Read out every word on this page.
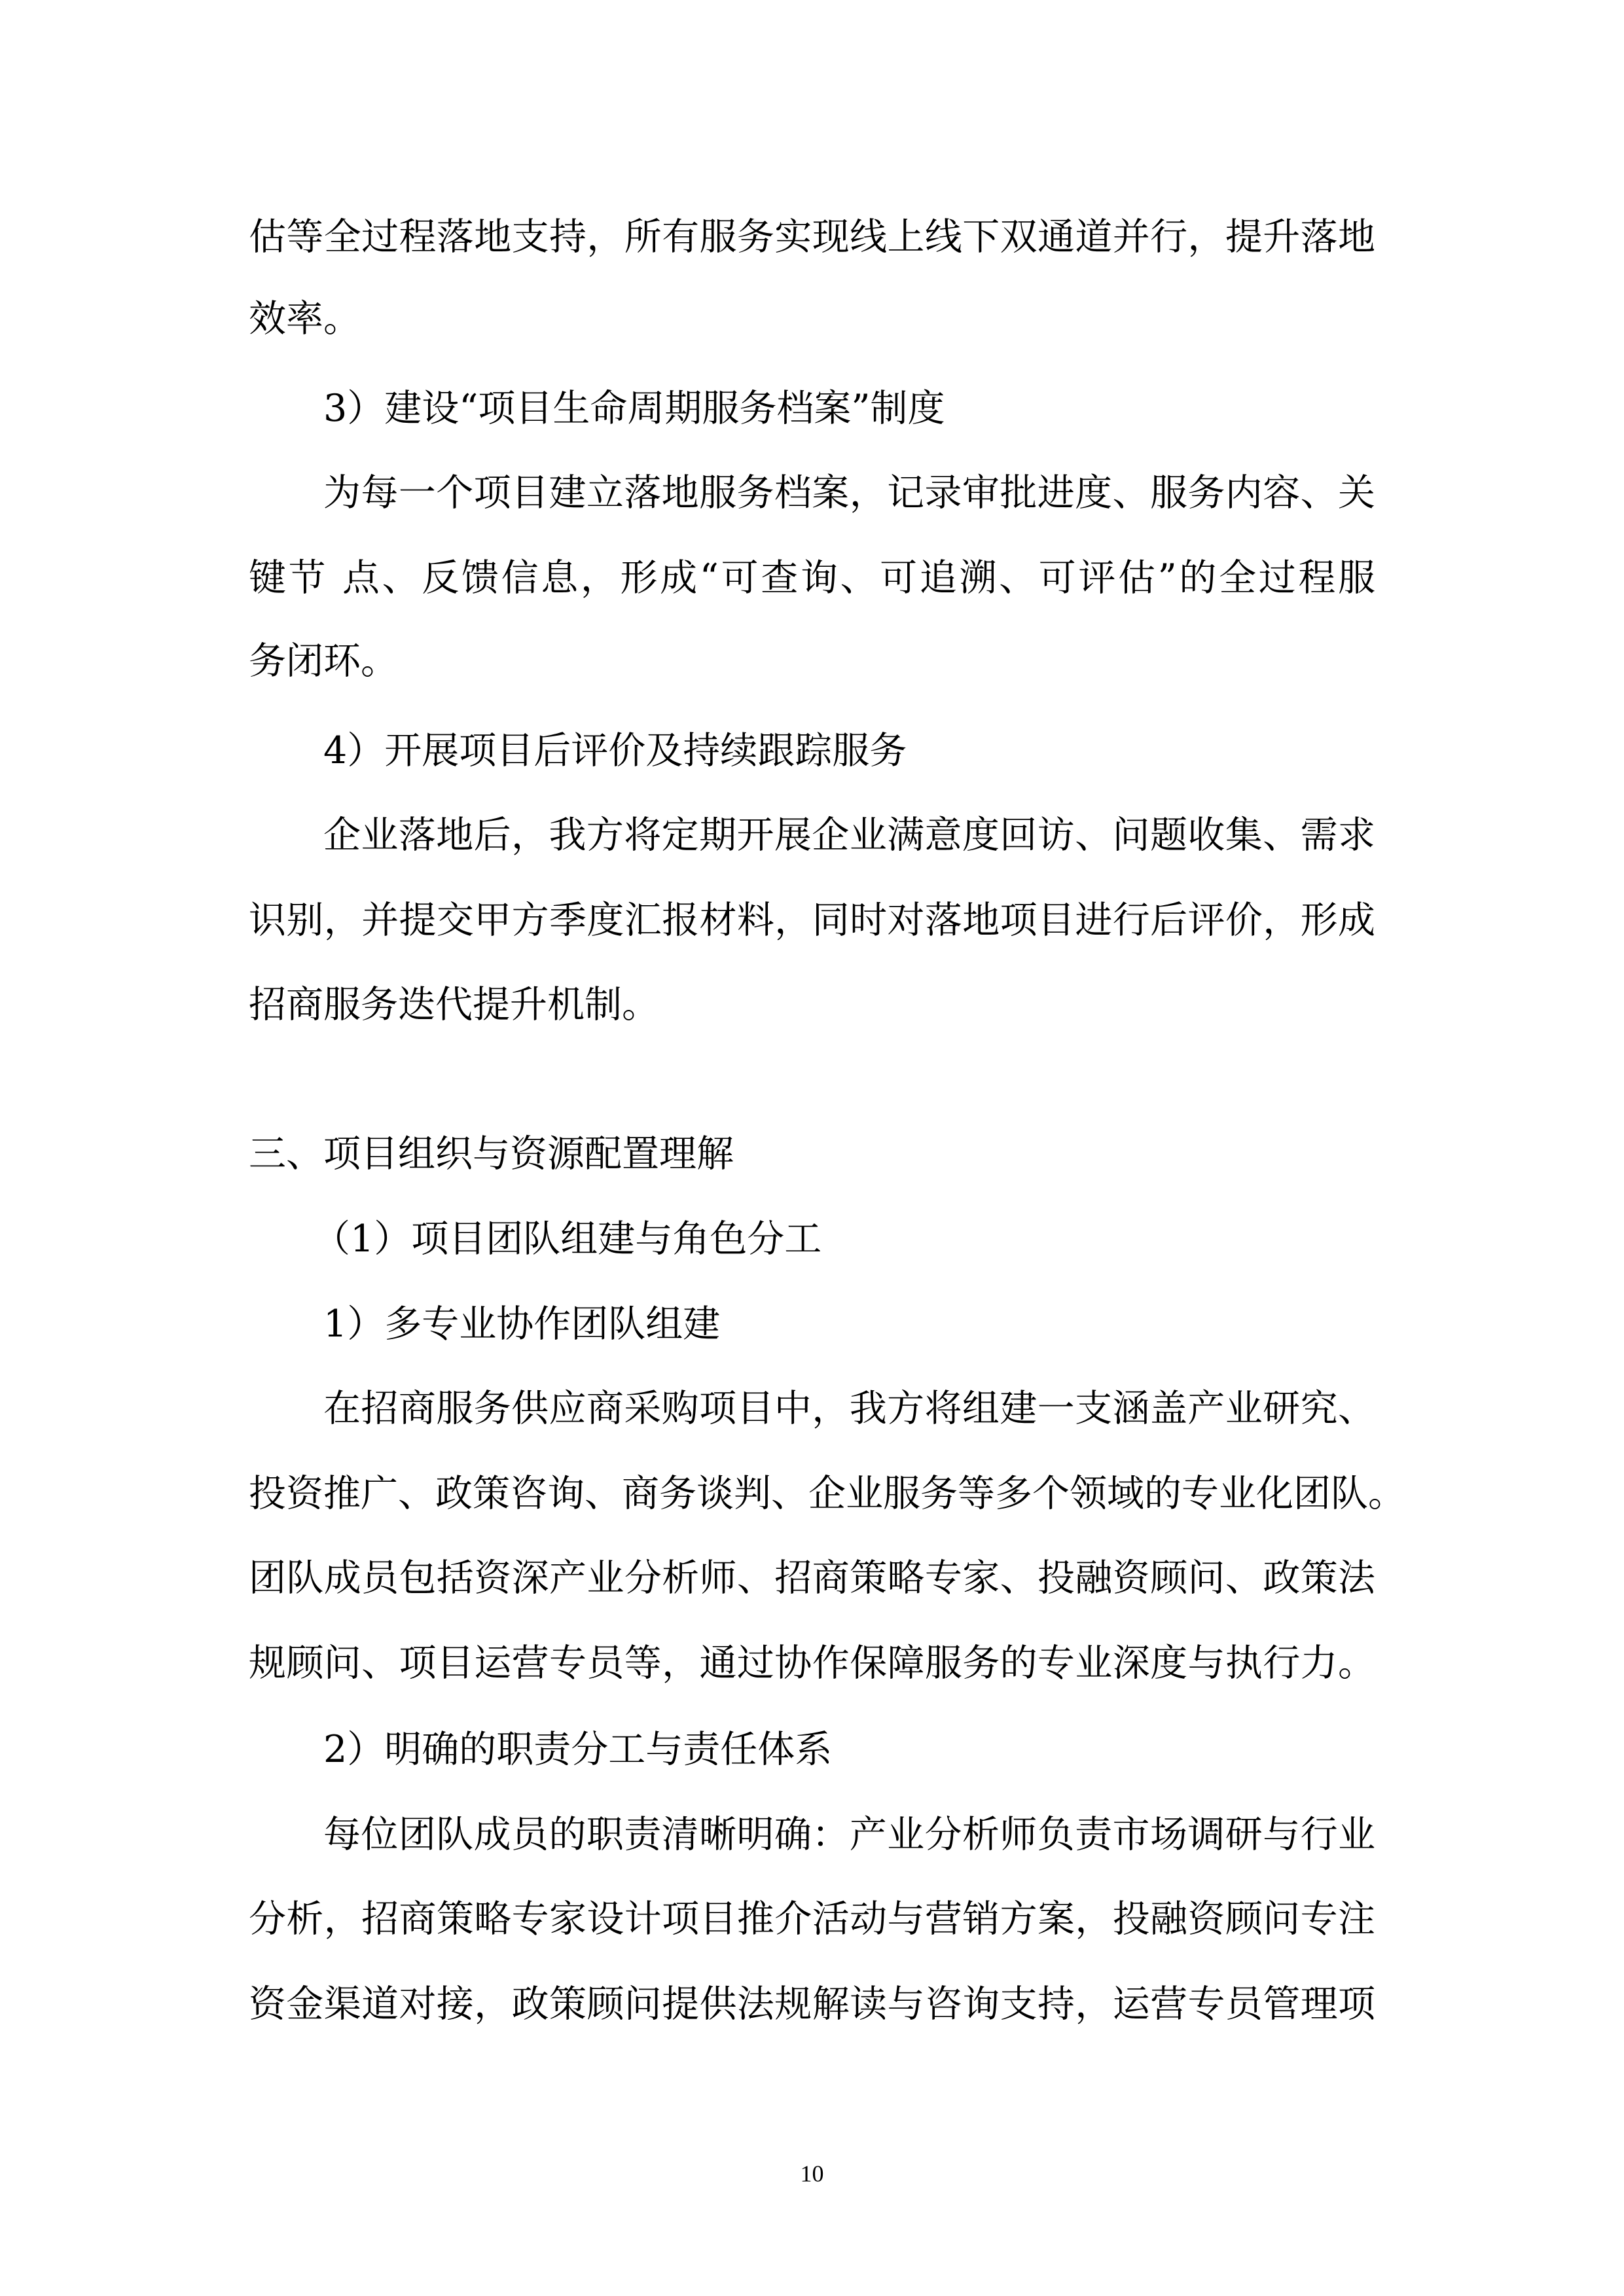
估等全过程落地支持，所有服务实现线上线下双通道并行，提升落地
效率。
3）建设“项目生命周期服务档案”制度
为每一个项目建立落地服务档案，记录审批进度、服务内容、关
键节 点、反馈信息，形成“可查询、可追溯、可评估”的全过程服
务闭环。
4）开展项目后评价及持续跟踪服务
企业落地后，我方将定期开展企业满意度回访、问题收集、需求
识别，并提交甲方季度汇报材料，同时对落地项目进行后评价，形成
招商服务迭代提升机制。
三、项目组织与资源配置理解
（1）项目团队组建与角色分工
1）多专业协作团队组建
在招商服务供应商采购项目中，我方将组建一支涵盖产业研究、
投资推广、政策咨询、商务谈判、企业服务等多个领域的专业化团队。
团队成员包括资深产业分析师、招商策略专家、投融资顾问、政策法
规顾问、项目运营专员等，通过协作保障服务的专业深度与执行力。
2）明确的职责分工与责任体系
每位团队成员的职责清晰明确：产业分析师负责市场调研与行业
分析，招商策略专家设计项目推介活动与营销方案，投融资顾问专注
资金渠道对接，政策顾问提供法规解读与咨询支持，运营专员管理项
10
